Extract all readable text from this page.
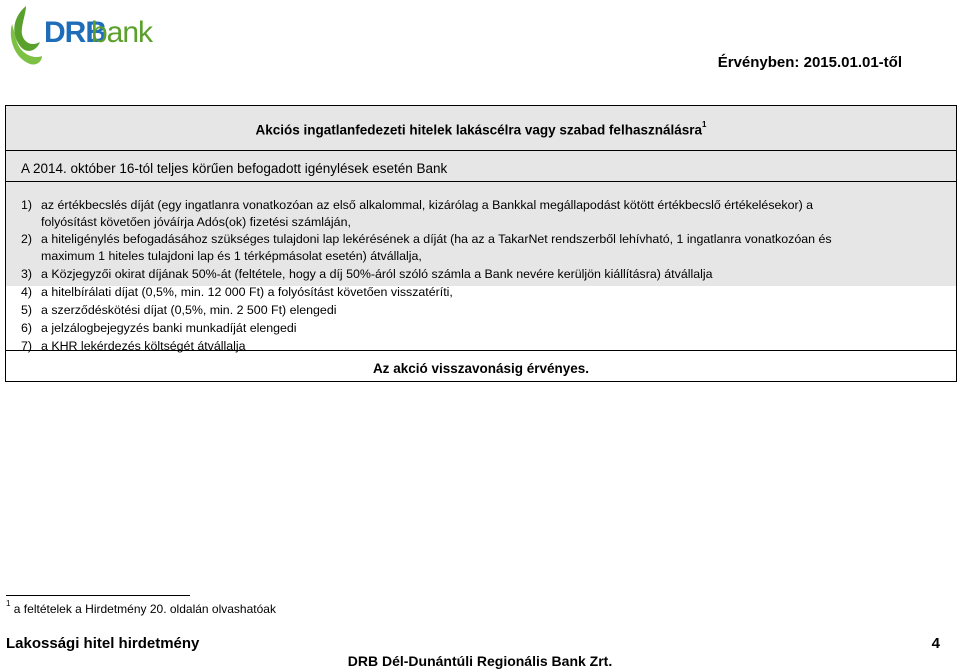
DRB
bank
Érvényben: 2015.01.01-től
Akciós ingatlanfedezeti hitelek lakáscélra vagy szabad felhasználásra$^1$
A 2014. október 16-tól teljes körűen befogadott igénylések esetén Bank
1) az értékbecslés díját (egy ingatlanra vonatkozóan az első alkalommal, kizárólag a Bankkal megállapodást kötött értékbecslő értékelésekor) a
folyósítást követően jóváírja Adós(ok) fizetési számláján,
2) a hiteligénylés befogadásához szükséges tulajdoni lap lekérésének a díját (ha az a TakarNet rendszerből lehívható, 1 ingatlanra vonatkozóan és
maximum 1 hiteles tulajdoni lap és 1 térképmásolat esetén) átvállalja,
3) a Közjegyzői okirat díjának 50%-át (feltétele, hogy a díj 50%-áról szóló számla a Bank nevére kerüljön kiállításra) átvállalja
4) a hitelbírálati díjat (0,5%, min. 12 000 Ft) a folyósítást követően visszatéríti,
5) a szerződéskötési díjat (0,5%, min. 2 500 Ft) elengedi
6) a jelzálogbejegyzés banki munkadíját elengedi
7) a KHR lekérdezés költségét átvállalja
Az akció visszavonásig érvényes.
$^1$ a feltételek a Hirdetmény 20. oldalán olvashatóak
Lakossági hitel hirdetmény	4
DRB Dél-Dunántúli Regionális Bank Zrt.
